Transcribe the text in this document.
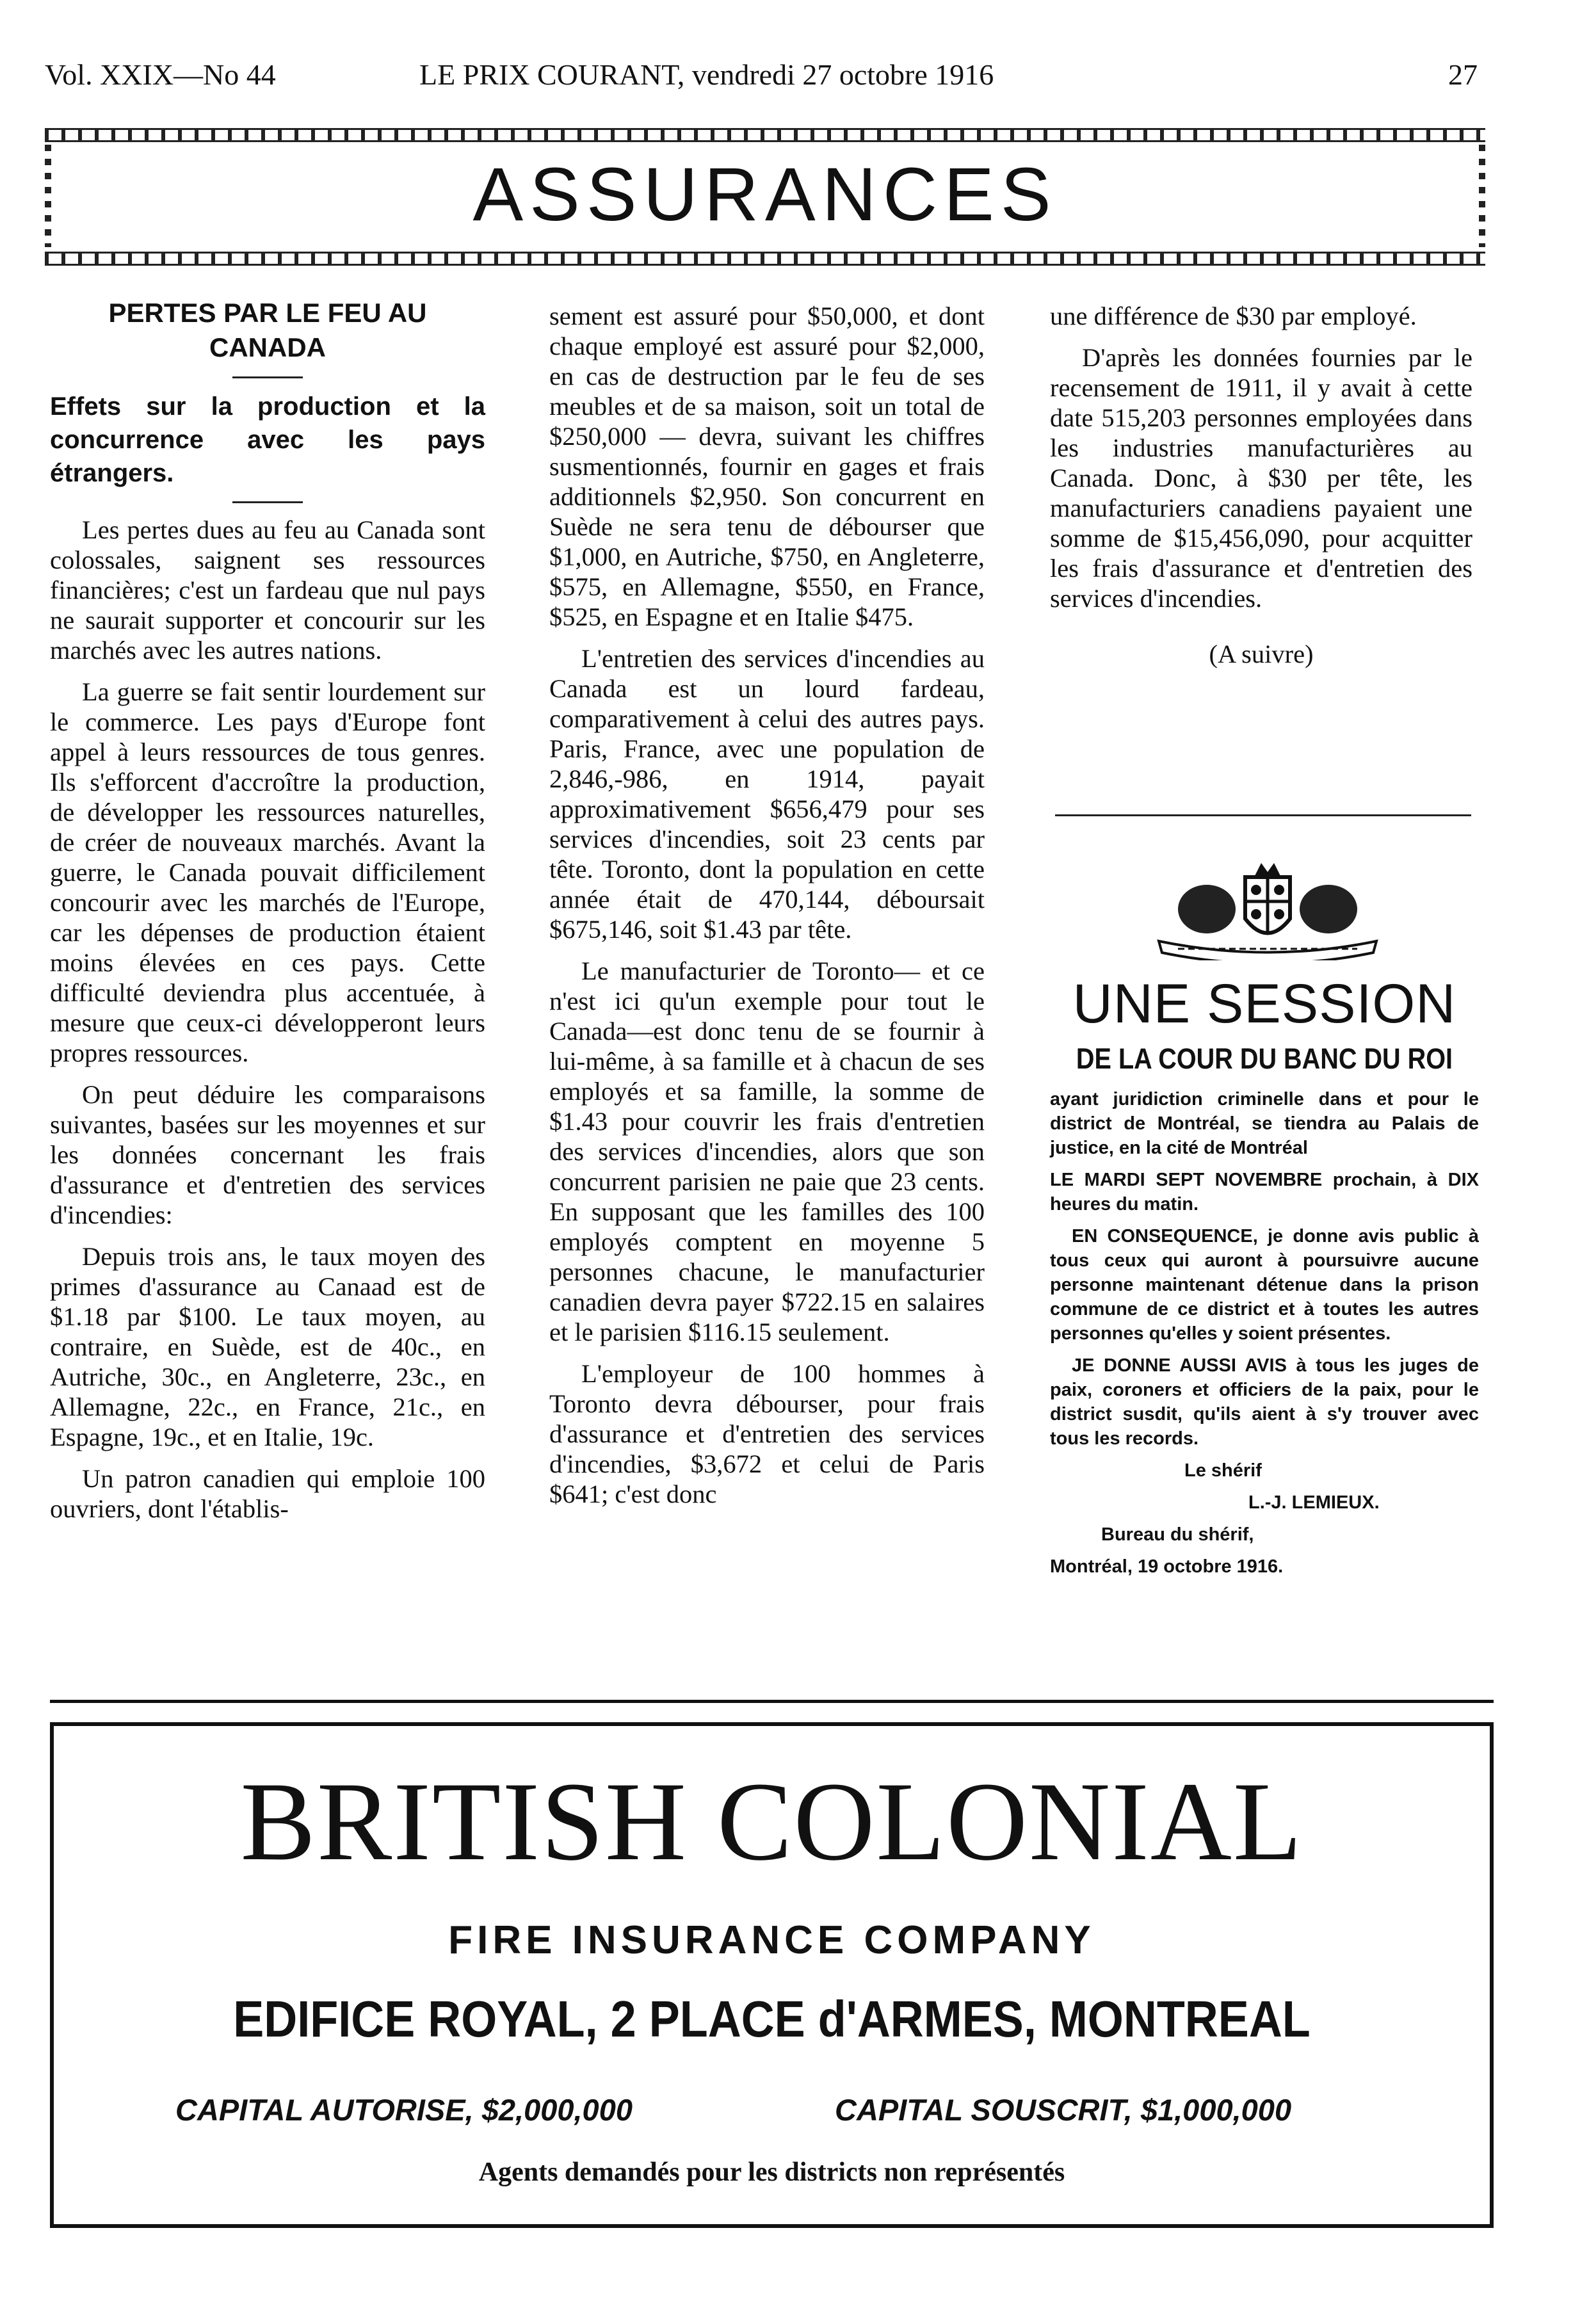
Vol. XXIX—No 44	LE PRIX COURANT, vendredi 27 octobre 1916	27
ASSURANCES
PERTES PAR LE FEU AU CANADA
Effets sur la production et la concurrence avec les pays étrangers.

Les pertes dues au feu au Canada sont colossales, saignent ses ressources financières; c'est un fardeau que nul pays ne saurait supporter et concourir sur les marchés avec les autres nations.

La guerre se fait sentir lourdement sur le commerce. Les pays d'Europe font appel à leurs ressources de tous genres. Ils s'efforcent d'accroître la production, de développer les ressources naturelles, de créer de nouveaux marchés. Avant la guerre, le Canada pouvait difficilement concourir avec les marchés de l'Europe, car les dépenses de production étaient moins élevées en ces pays. Cette difficulté deviendra plus accentuée, à mesure que ceux-ci développeront leurs propres ressources.

On peut déduire les comparaisons suivantes, basées sur les moyennes et sur les données concernant les frais d'assurance et d'entretien des services d'incendies:

Depuis trois ans, le taux moyen des primes d'assurance au Canaad est de $1.18 par $100. Le taux moyen, au contraire, en Suède, est de 40c., en Autriche, 30c., en Angleterre, 23c., en Allemagne, 22c., en France, 21c., en Espagne, 19c., et en Italie, 19c.

Un patron canadien qui emploie 100 ouvriers, dont l'établis-

sement est assuré pour $50,000, et dont chaque employé est assuré pour $2,000, en cas de destruction par le feu de ses meubles et de sa maison, soit un total de $250,000 — devra, suivant les chiffres susmentionnés, fournir en gages et frais additionnels $2,950. Son concurrent en Suède ne sera tenu de débourser que $1,000, en Autriche, $750, en Angleterre, $575, en Allemagne, $550, en France, $525, en Espagne et en Italie $475.

L'entretien des services d'incendies au Canada est un lourd fardeau, comparativement à celui des autres pays. Paris, France, avec une population de 2,846,-986, en 1914, payait approximativement $656,479 pour ses services d'incendies, soit 23 cents par tête. Toronto, dont la population en cette année était de 470,144, déboursait $675,146, soit $1.43 par tête.

Le manufacturier de Toronto— et ce n'est ici qu'un exemple pour tout le Canada—est donc tenu de se fournir à lui-même, à sa famille et à chacun de ses employés et sa famille, la somme de $1.43 pour couvrir les frais d'entretien des services d'incendies, alors que son concurrent parisien ne paie que 23 cents. En supposant que les familles des 100 employés comptent en moyenne 5 personnes chacune, le manufacturier canadien devra payer $722.15 en salaires et le parisien $116.15 seulement.

L'employeur de 100 hommes à Toronto devra débourser, pour frais d'assurance et d'entretien des services d'incendies, $3,672 et celui de Paris $641; c'est donc

une différence de $30 par employé.

D'après les données fournies par le recensement de 1911, il y avait à cette date 515,203 personnes employées dans les industries manufacturières au Canada. Donc, à $30 per tête, les manufacturiers canadiens payaient une somme de $15,456,090, pour acquitter les frais d'assurance et d'entretien des services d'incendies.

(A suivre)

UNE SESSION
DE LA COUR DU BANC DU ROI

ayant juridiction criminelle dans et pour le district de Montréal, se tiendra au Palais de justice, en la cité de Montréal

LE MARDI SEPT NOVEMBRE prochain, à DIX heures du matin.

EN CONSEQUENCE, je donne avis public à tous ceux qui auront à poursuivre aucune personne maintenant détenue dans la prison commune de ce district et à toutes les autres personnes qu'elles y soient présentes.

JE DONNE AUSSI AVIS à tous les juges de paix, coroners et officiers de la paix, pour le district susdit, qu'ils aient à s'y trouver avec tous les records.

Le shérif

L.-J. LEMIEUX.

Bureau du shérif,

Montréal, 19 octobre 1916.

BRITISH COLONIAL
FIRE INSURANCE COMPANY
EDIFICE ROYAL, 2 PLACE d'ARMES, MONTREAL
CAPITAL AUTORISE, $2,000,000	CAPITAL SOUSCRIT, $1,000,000
Agents demandés pour les districts non représentés
